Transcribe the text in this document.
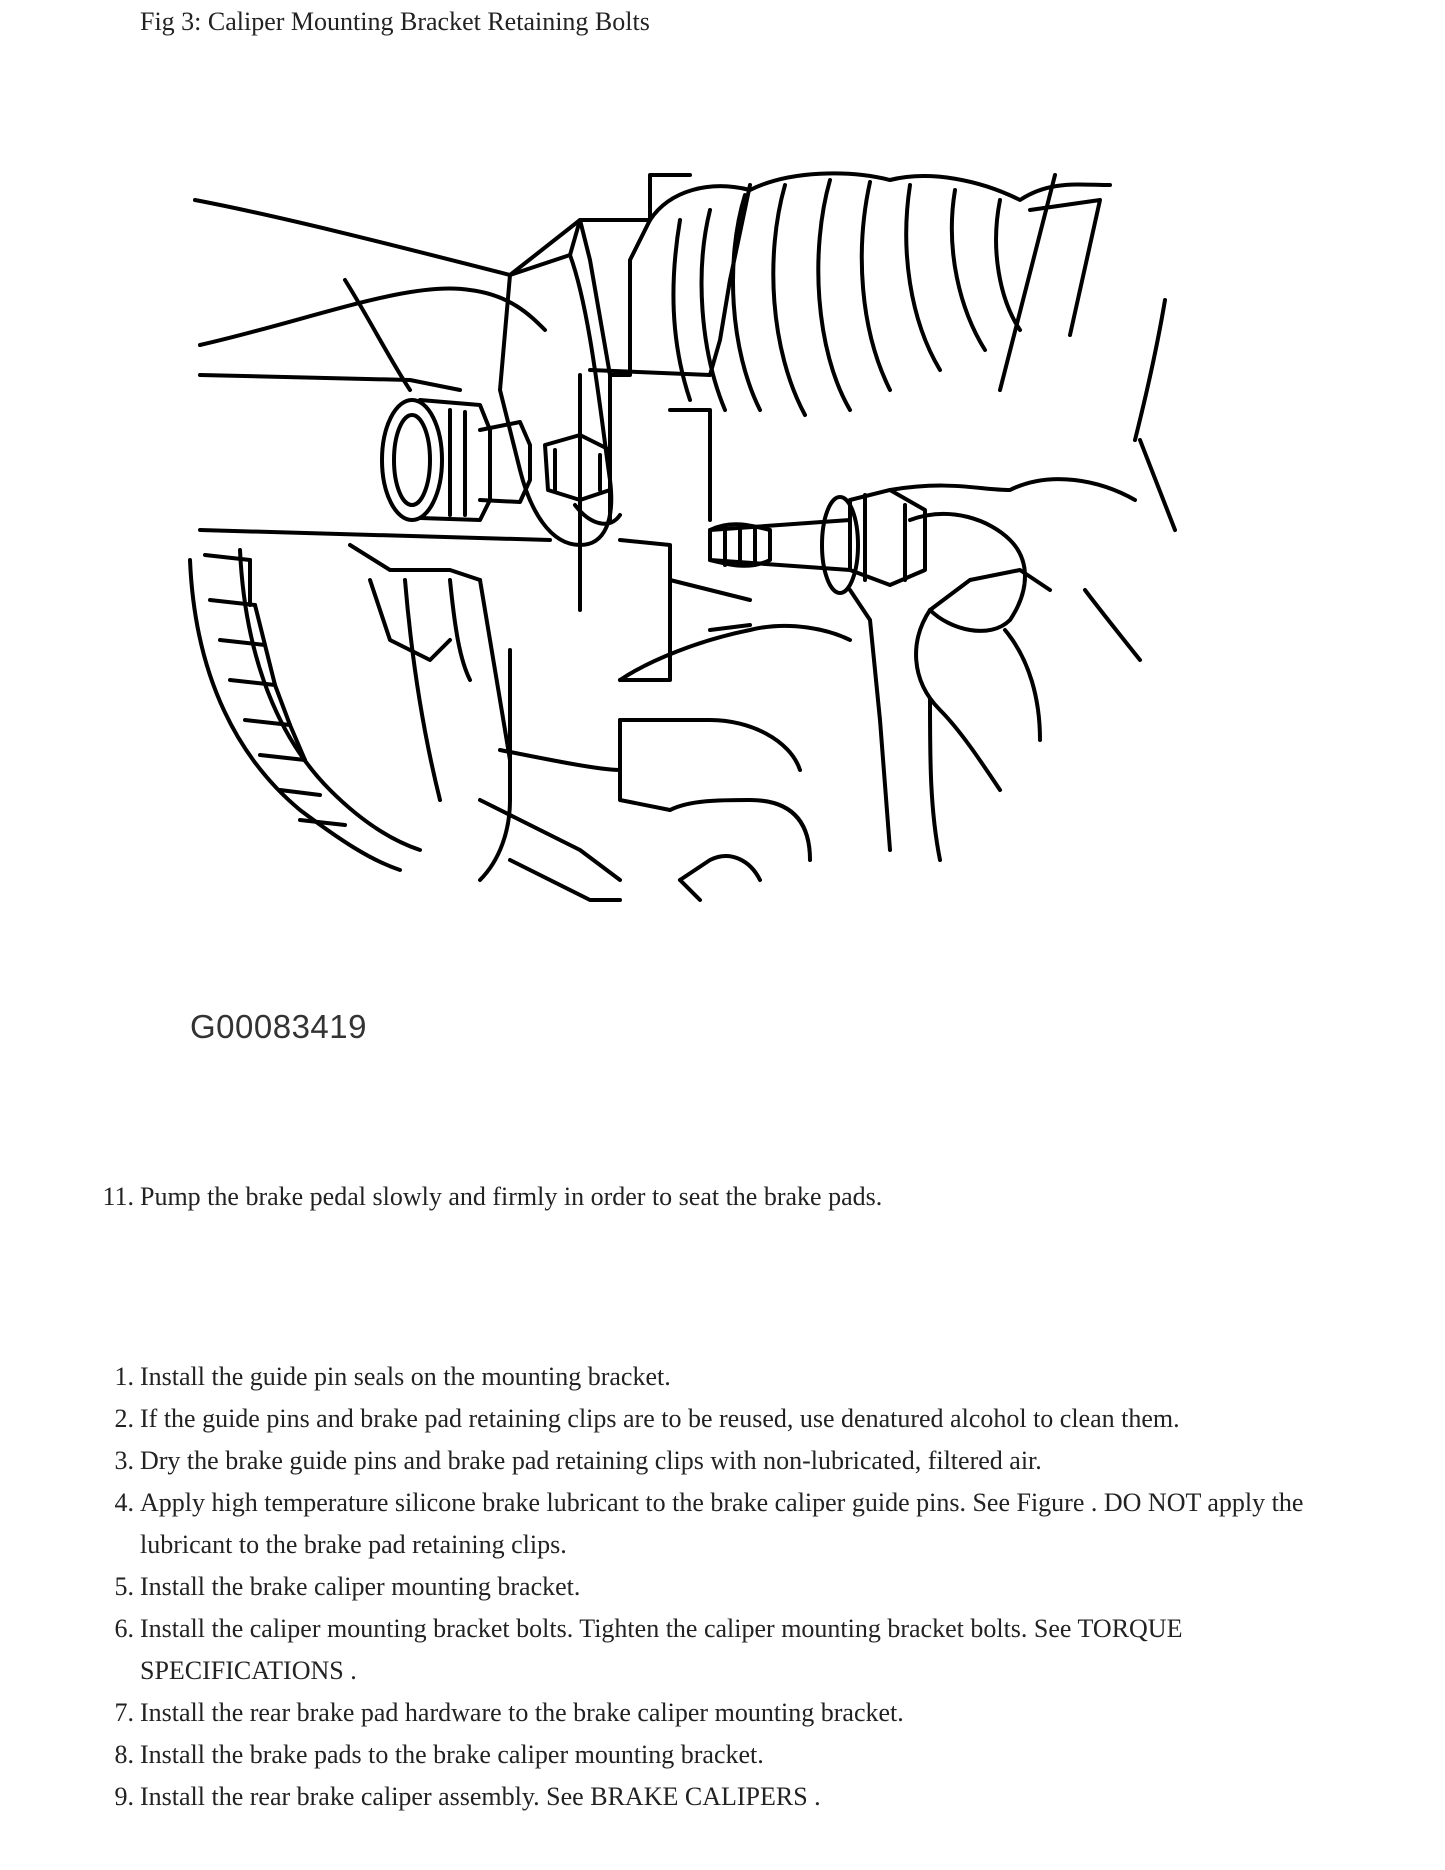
Fig 3: Caliper Mounting Bracket Retaining Bolts
G00083419
11. Pump the brake pedal slowly and firmly in order to seat the brake pads.
1. Install the guide pin seals on the mounting bracket.
2. If the guide pins and brake pad retaining clips are to be reused, use denatured alcohol to clean them.
3. Dry the brake guide pins and brake pad retaining clips with non-lubricated, filtered air.
4. Apply high temperature silicone brake lubricant to the brake caliper guide pins. See Figure . DO NOT apply the lubricant to the brake pad retaining clips.
5. Install the brake caliper mounting bracket.
6. Install the caliper mounting bracket bolts. Tighten the caliper mounting bracket bolts. See TORQUE SPECIFICATIONS .
7. Install the rear brake pad hardware to the brake caliper mounting bracket.
8. Install the brake pads to the brake caliper mounting bracket.
9. Install the rear brake caliper assembly. See BRAKE CALIPERS .
